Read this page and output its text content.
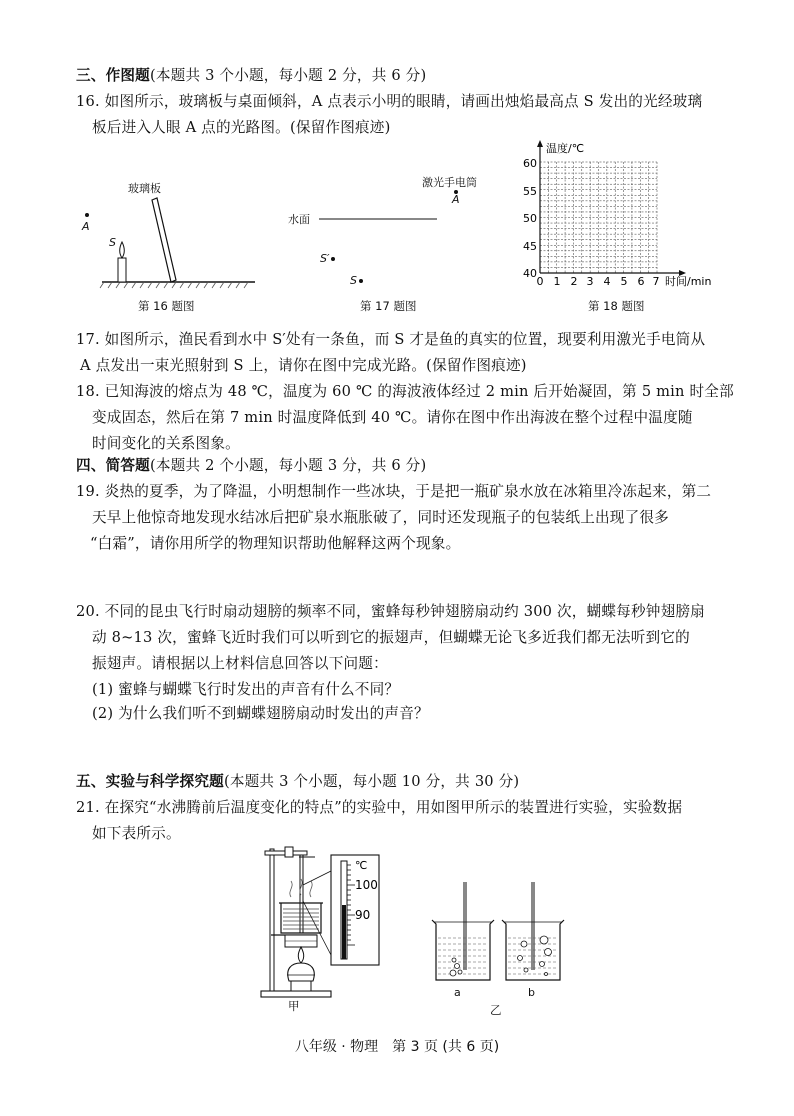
三、作图题(本题共 3 个小题，每小题 2 分，共 6 分)
16. 如图所示，玻璃板与桌面倾斜，A 点表示小明的眼睛，请画出烛焰最高点 S 发出的光经玻璃
板后进入人眼 A 点的光路图。(保留作图痕迹)
玻璃板
A
S
第 16 题图
激光手电筒
A
水面
S′
S
第 17 题图
温度/℃
时间/min
40
45
50
55
60
0 1 2 3 4 5 6 7
第 18 题图
17. 如图所示，渔民看到水中 S′处有一条鱼，而 S 才是鱼的真实的位置，现要利用激光手电筒从
A 点发出一束光照射到 S 上，请你在图中完成光路。(保留作图痕迹)
18. 已知海波的熔点为 48 ℃，温度为 60 ℃ 的海波液体经过 2 min 后开始凝固，第 5 min 时全部
变成固态，然后在第 7 min 时温度降低到 40 ℃。请你在图中作出海波在整个过程中温度随
时间变化的关系图象。
四、简答题(本题共 2 个小题，每小题 3 分，共 6 分)
19. 炎热的夏季，为了降温，小明想制作一些冰块，于是把一瓶矿泉水放在冰箱里冷冻起来，第二
天早上他惊奇地发现水结冰后把矿泉水瓶胀破了，同时还发现瓶子的包装纸上出现了很多
“白霜”，请你用所学的物理知识帮助他解释这两个现象。
20. 不同的昆虫飞行时扇动翅膀的频率不同，蜜蜂每秒钟翅膀扇动约 300 次，蝴蝶每秒钟翅膀扇
动 8~13 次，蜜蜂飞近时我们可以听到它的振翅声，但蝴蝶无论飞多近我们都无法听到它的
振翅声。请根据以上材料信息回答以下问题：
(1) 蜜蜂与蝴蝶飞行时发出的声音有什么不同？
(2) 为什么我们听不到蝴蝶翅膀扇动时发出的声音？
五、实验与科学探究题(本题共 3 个小题，每小题 10 分，共 30 分)
21. 在探究“水沸腾前后温度变化的特点”的实验中，用如图甲所示的装置进行实验，实验数据
如下表所示。
℃
100
90
甲
a	b
乙
八年级 · 物理　第 3 页 (共 6 页)
